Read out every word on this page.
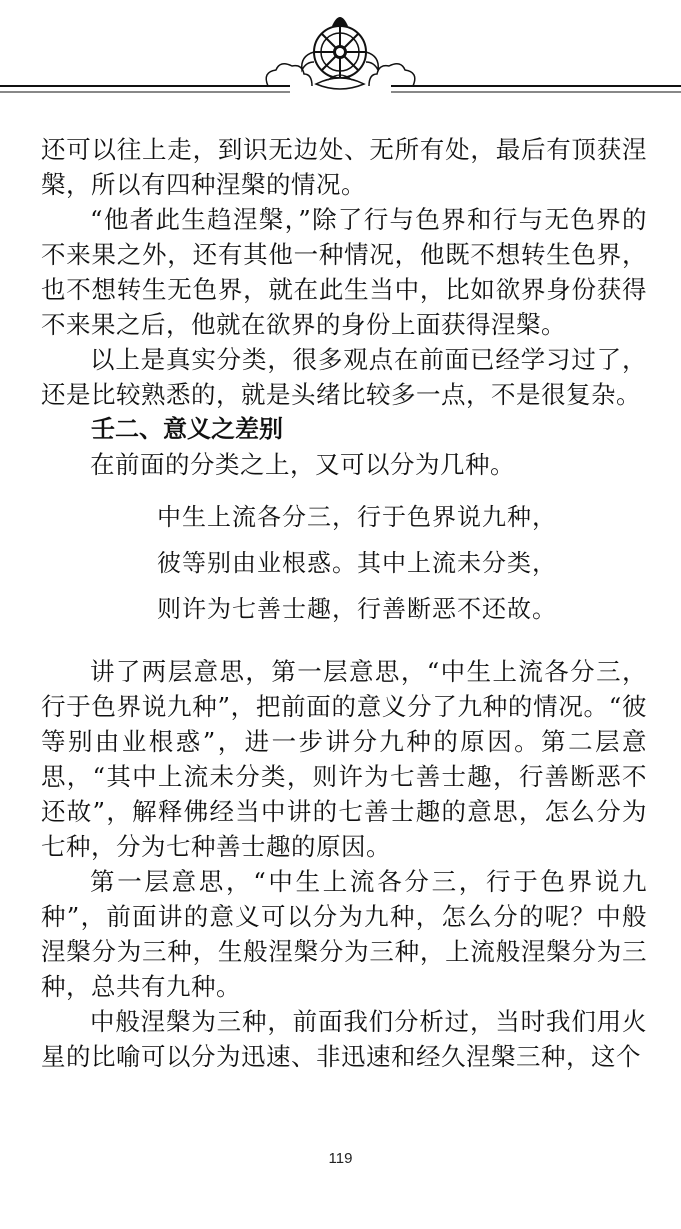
还可以往上走，到识无边处、无所有处，最后有顶获涅槃，所以有四种涅槃的情况。

“他者此生趋涅槃，”除了行与色界和行与无色界的不来果之外，还有其他一种情况，他既不想转生色界，也不想转生无色界，就在此生当中，比如欲界身份获得不来果之后，他就在欲界的身份上面获得涅槃。

以上是真实分类，很多观点在前面已经学习过了，还是比较熟悉的，就是头绪比较多一点，不是很复杂。

壬二、意义之差别

在前面的分类之上，又可以分为几种。

中生上流各分三，行于色界说九种，

彼等别由业根惑。其中上流未分类，

则许为七善士趣，行善断恶不还故。

讲了两层意思，第一层意思，“中生上流各分三，行于色界说九种”，把前面的意义分了九种的情况。“彼等别由业根惑”，进一步讲分九种的原因。第二层意思，“其中上流未分类，则许为七善士趣，行善断恶不还故”，解释佛经当中讲的七善士趣的意思，怎么分为七种，分为七种善士趣的原因。

第一层意思，“中生上流各分三，行于色界说九种”，前面讲的意义可以分为九种，怎么分的呢？中般涅槃分为三种，生般涅槃分为三种，上流般涅槃分为三种，总共有九种。

中般涅槃为三种，前面我们分析过，当时我们用火星的比喻可以分为迅速、非迅速和经久涅槃三种，这个

119
